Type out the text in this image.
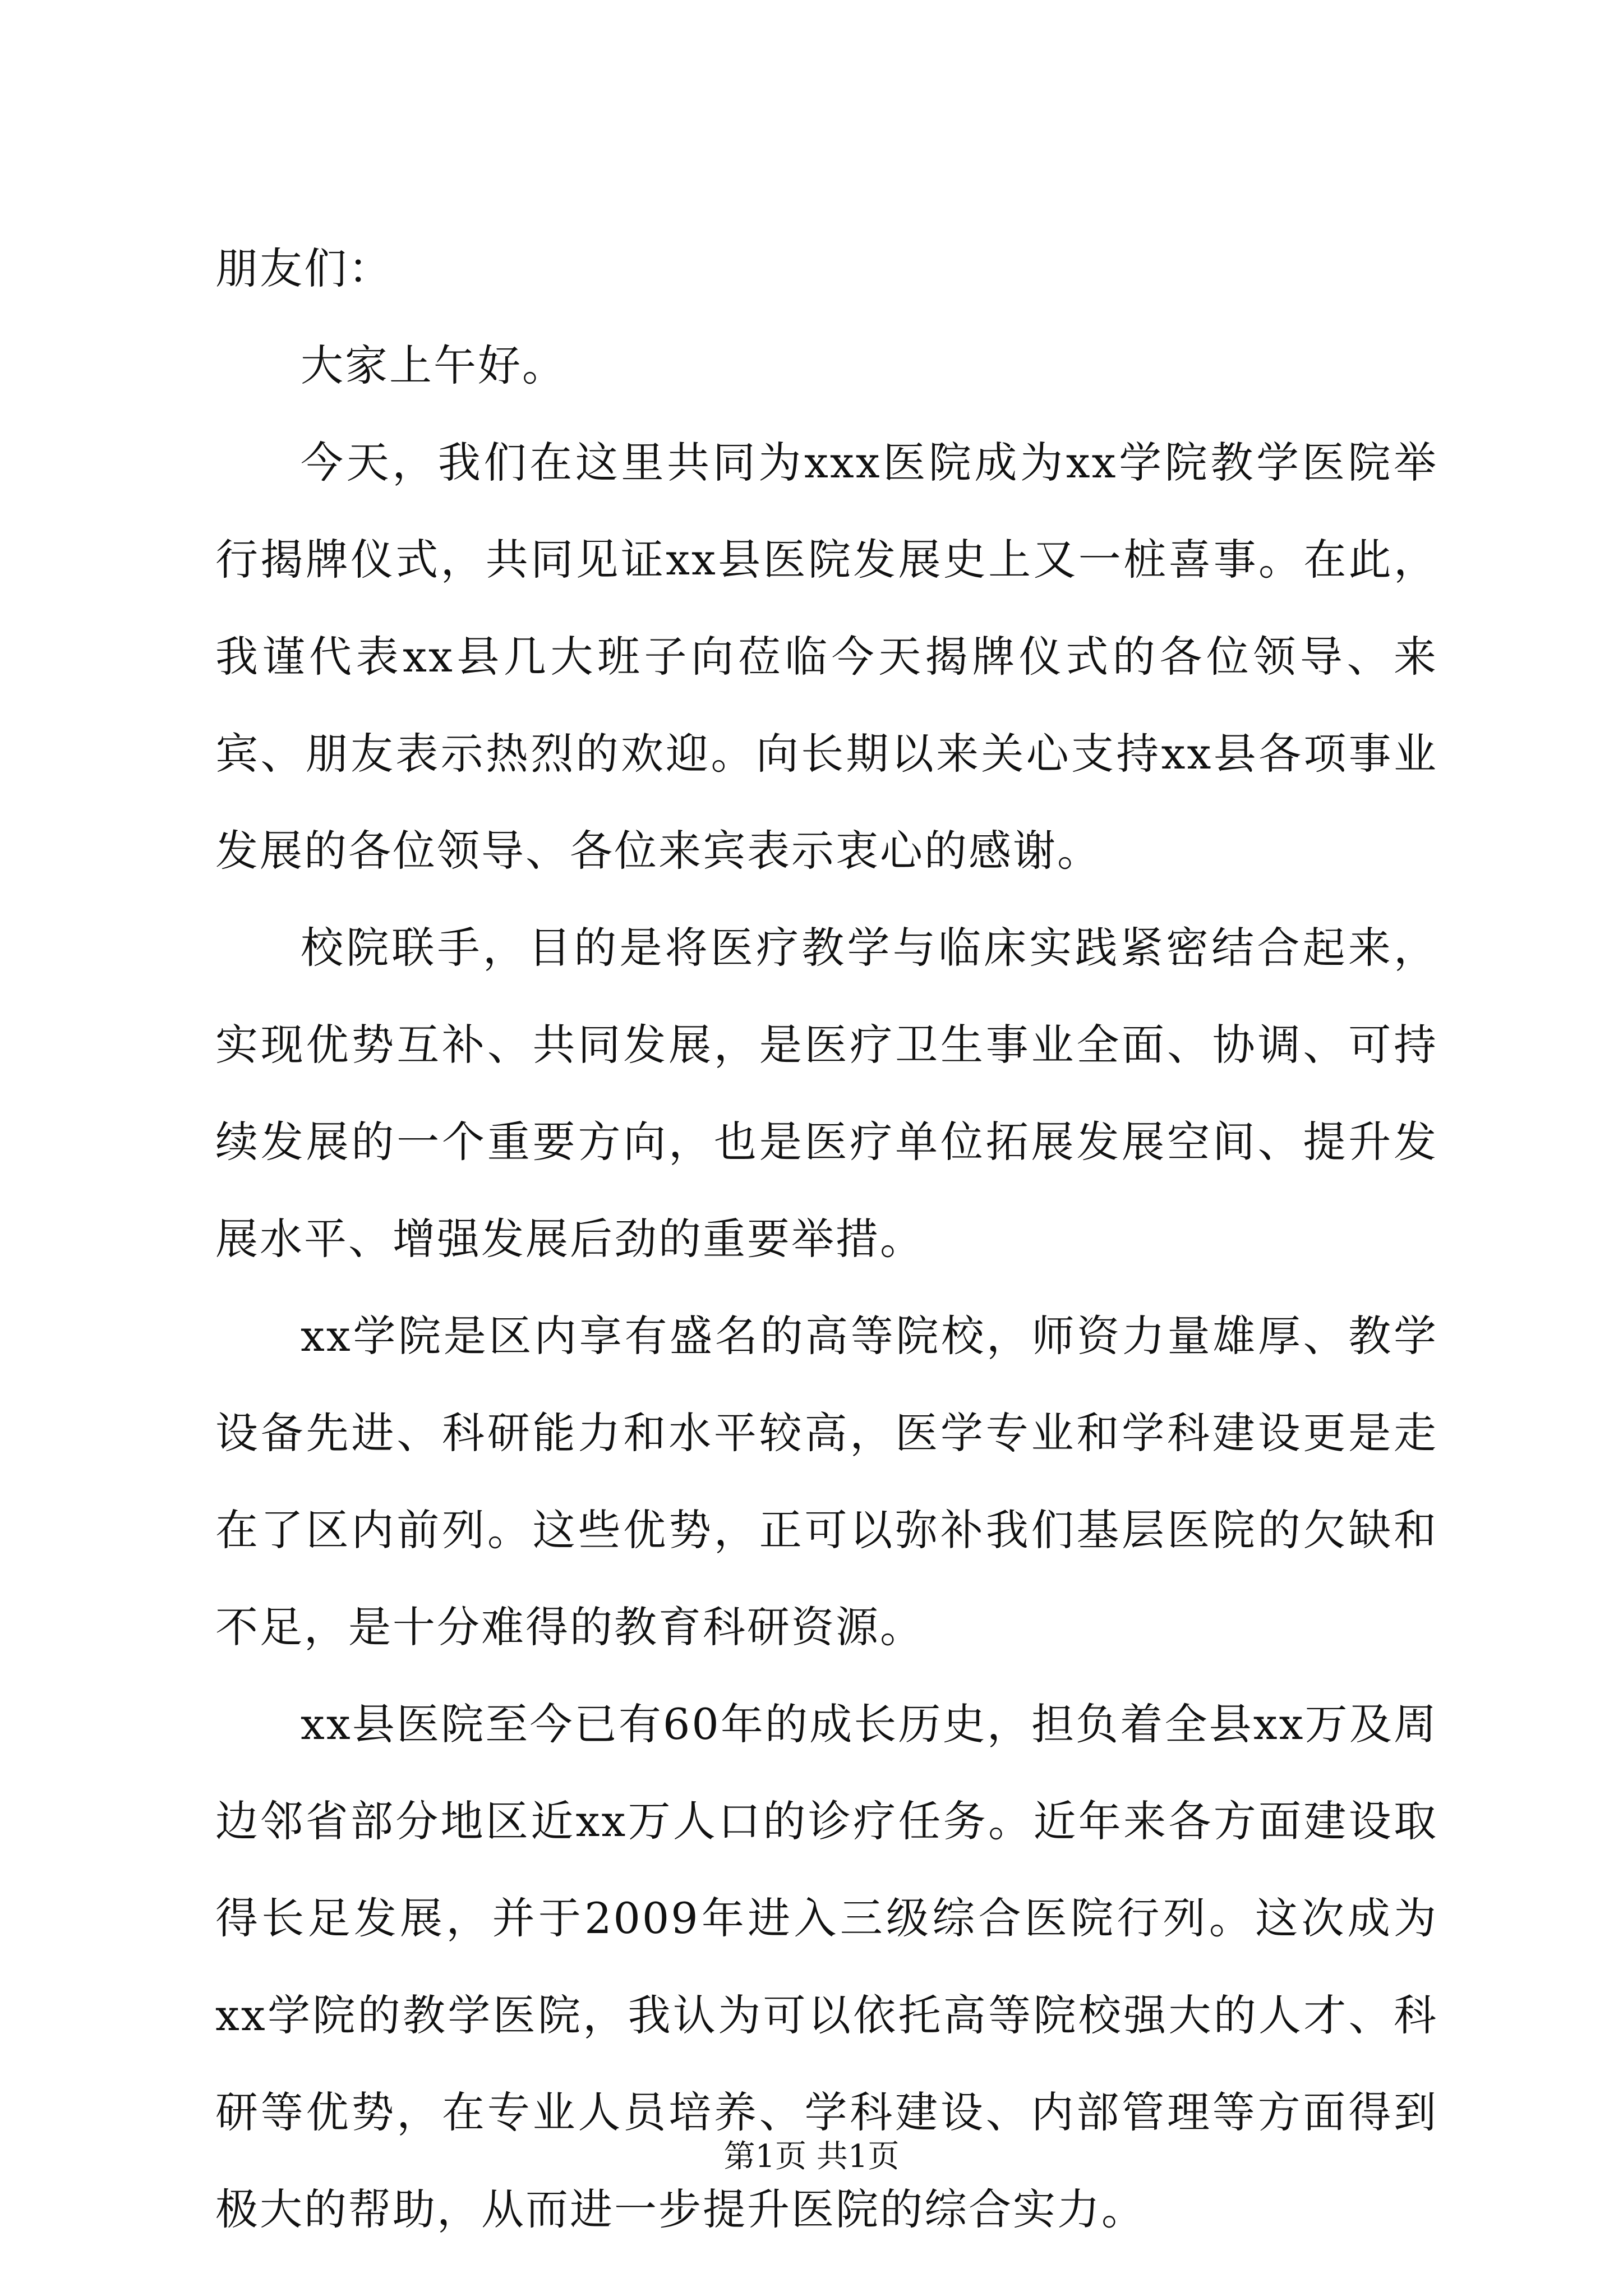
朋友们：

大家上午好。

今天，我们在这里共同为xxx医院成为xx学院教学医院举行揭牌仪式，共同见证xx县医院发展史上又一桩喜事。在此，我谨代表xx县几大班子向莅临今天揭牌仪式的各位领导、来宾、朋友表示热烈的欢迎。向长期以来关心支持xx县各项事业发展的各位领导、各位来宾表示衷心的感谢。

校院联手，目的是将医疗教学与临床实践紧密结合起来，实现优势互补、共同发展，是医疗卫生事业全面、协调、可持续发展的一个重要方向，也是医疗单位拓展发展空间、提升发展水平、增强发展后劲的重要举措。

xx学院是区内享有盛名的高等院校，师资力量雄厚、教学设备先进、科研能力和水平较高，医学专业和学科建设更是走在了区内前列。这些优势，正可以弥补我们基层医院的欠缺和不足，是十分难得的教育科研资源。

xx县医院至今已有60年的成长历史，担负着全县xx万及周边邻省部分地区近xx万人口的诊疗任务。近年来各方面建设取得长足发展，并于2009年进入三级综合医院行列。这次成为xx学院的教学医院，我认为可以依托高等院校强大的人才、科研等优势，在专业人员培养、学科建设、内部管理等方面得到极大的帮助，从而进一步提升医院的综合实力。

第1页 共1页
